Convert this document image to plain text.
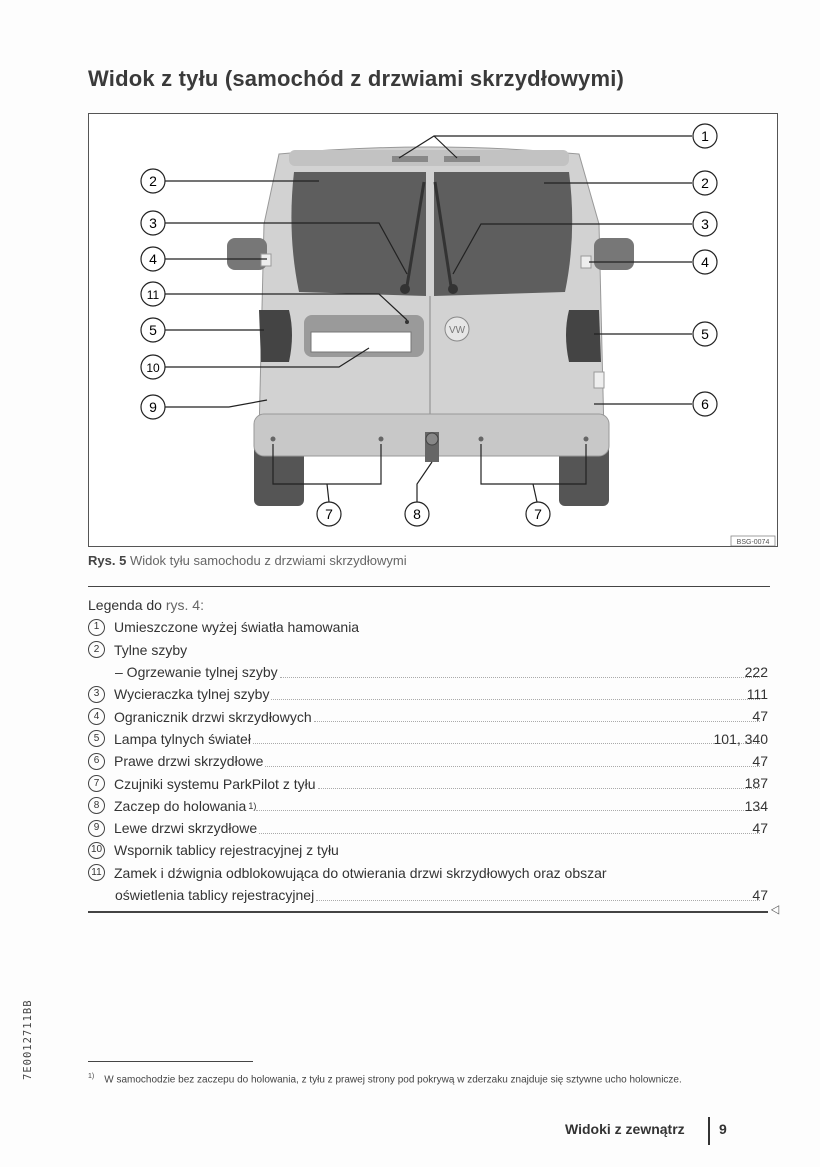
Widok z tyłu (samochód z drzwiami skrzydłowymi)
VW
1
2	2
3	3
4	4
11
5	5
10
9	6
7	8	7
BSG-0074
Rys. 5 Widok tyłu samochodu z drzwiami skrzydłowymi
Legenda do
rys. 4:
1	Umieszczone wyżej światła hamowania
2	Tylne szyby
– Ogrzewanie tylnej szyby	222
3	Wycieraczka tylnej szyby	111
4	Ogranicznik drzwi skrzydłowych	47
5	Lampa tylnych świateł	101, 340
6	Prawe drzwi skrzydłowe	47
7	Czujniki systemu ParkPilot z tyłu	187
8	Zaczep do holowania 1)	134
9	Lewe drzwi skrzydłowe	47
10 Wspornik tablicy rejestracyjnej z tyłu
11 Zamek i dźwignia odblokowująca do otwierania drzwi skrzydłowych oraz obszar
oświetlenia tablicy rejestracyjnej	47
◁
7E0012711BB	$^{1)}$ W samochodzie bez zaczepu do holowania, z tyłu z prawej strony pod pokrywą w zderzaku znajduje się sztywne ucho holownicze.
Widoki z zewnątrz 9
